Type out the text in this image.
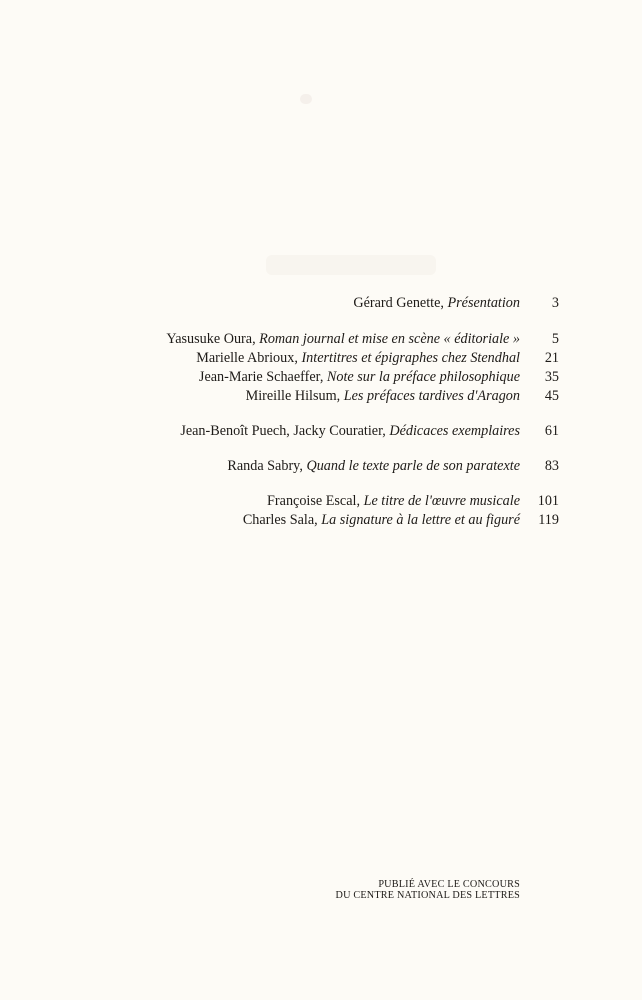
Gérard Genette, Présentation	3
Yasusuke Oura, Roman journal et mise en scène « éditoriale »	5
Marielle Abrioux, Intertitres et épigraphes chez Stendhal	21
Jean-Marie Schaeffer, Note sur la préface philosophique	35
Mireille Hilsum, Les préfaces tardives d'Aragon	45
Jean-Benoît Puech, Jacky Couratier, Dédicaces exemplaires	61
Randa Sabry, Quand le texte parle de son paratexte	83
Françoise Escal, Le titre de l'œuvre musicale	101
Charles Sala, La signature à la lettre et au figuré	119
PUBLIÉ AVEC LE CONCOURS
DU CENTRE NATIONAL DES LETTRES
